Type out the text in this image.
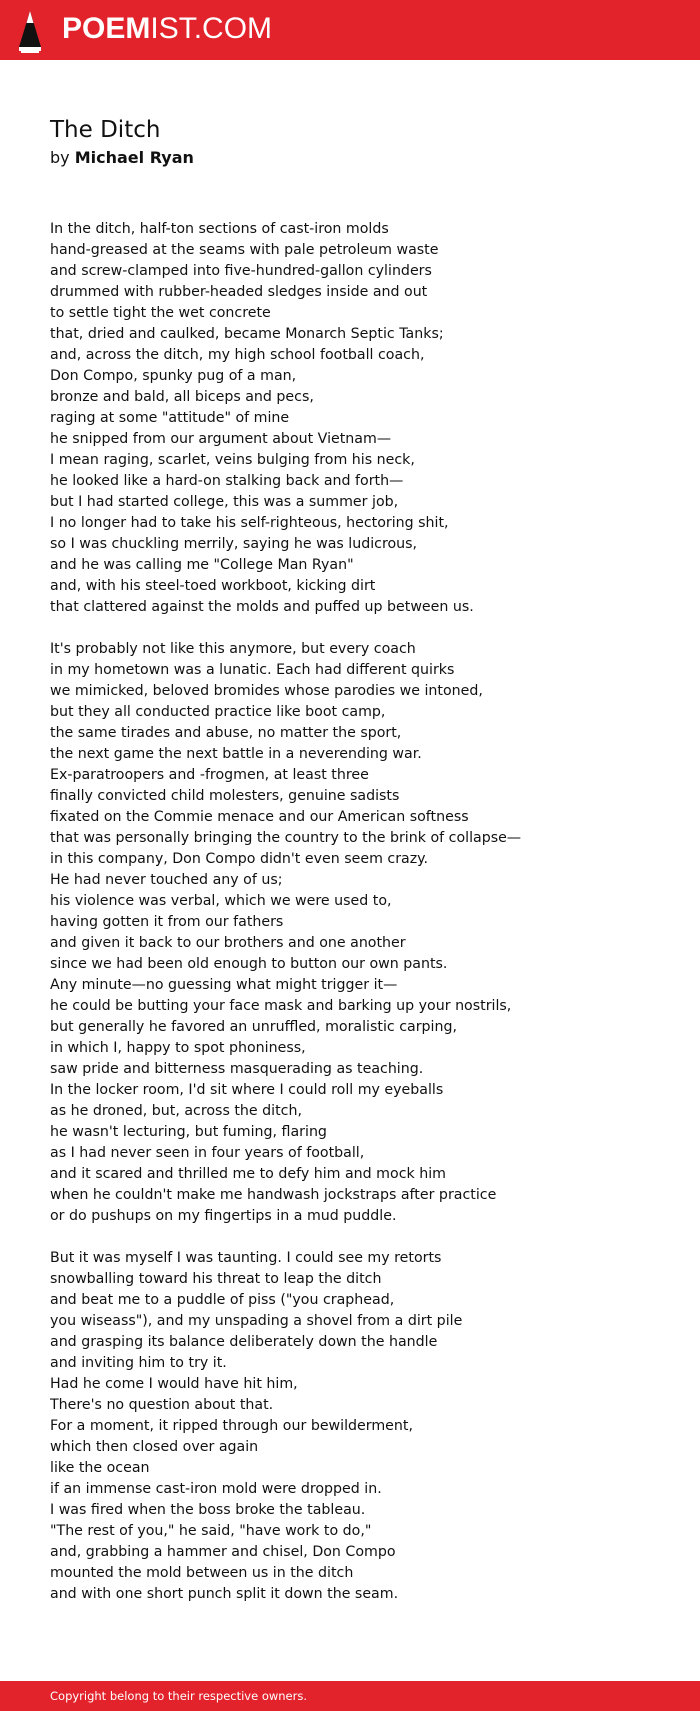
POEMIST.COM
The Ditch
by Michael Ryan
In the ditch, half-ton sections of cast-iron molds
hand-greased at the seams with pale petroleum waste
and screw-clamped into five-hundred-gallon cylinders
drummed with rubber-headed sledges inside and out
to settle tight the wet concrete
that, dried and caulked, became Monarch Septic Tanks;
and, across the ditch, my high school football coach,
Don Compo, spunky pug of a man,
bronze and bald, all biceps and pecs,
raging at some "attitude" of mine
he snipped from our argument about Vietnam—
I mean raging, scarlet, veins bulging from his neck,
he looked like a hard-on stalking back and forth—
but I had started college, this was a summer job,
I no longer had to take his self-righteous, hectoring shit,
so I was chuckling merrily, saying he was ludicrous,
and he was calling me "College Man Ryan"
and, with his steel-toed workboot, kicking dirt
that clattered against the molds and puffed up between us.
It's probably not like this anymore, but every coach
in my hometown was a lunatic. Each had different quirks
we mimicked, beloved bromides whose parodies we intoned,
but they all conducted practice like boot camp,
the same tirades and abuse, no matter the sport,
the next game the next battle in a neverending war.
Ex-paratroopers and -frogmen, at least three
finally convicted child molesters, genuine sadists
fixated on the Commie menace and our American softness
that was personally bringing the country to the brink of collapse—
in this company, Don Compo didn't even seem crazy.
He had never touched any of us;
his violence was verbal, which we were used to,
having gotten it from our fathers
and given it back to our brothers and one another
since we had been old enough to button our own pants.
Any minute—no guessing what might trigger it—
he could be butting your face mask and barking up your nostrils,
but generally he favored an unruffled, moralistic carping,
in which I, happy to spot phoniness,
saw pride and bitterness masquerading as teaching.
In the locker room, I'd sit where I could roll my eyeballs
as he droned, but, across the ditch,
he wasn't lecturing, but fuming, flaring
as I had never seen in four years of football,
and it scared and thrilled me to defy him and mock him
when he couldn't make me handwash jockstraps after practice
or do pushups on my fingertips in a mud puddle.
But it was myself I was taunting. I could see my retorts
snowballing toward his threat to leap the ditch
and beat me to a puddle of piss ("you craphead,
you wiseass"), and my unspading a shovel from a dirt pile
and grasping its balance deliberately down the handle
and inviting him to try it.
Had he come I would have hit him,
There's no question about that.
For a moment, it ripped through our bewilderment,
which then closed over again
like the ocean
if an immense cast-iron mold were dropped in.
I was fired when the boss broke the tableau.
"The rest of you," he said, "have work to do,"
and, grabbing a hammer and chisel, Don Compo
mounted the mold between us in the ditch
and with one short punch split it down the seam.
Copyright belong to their respective owners.
